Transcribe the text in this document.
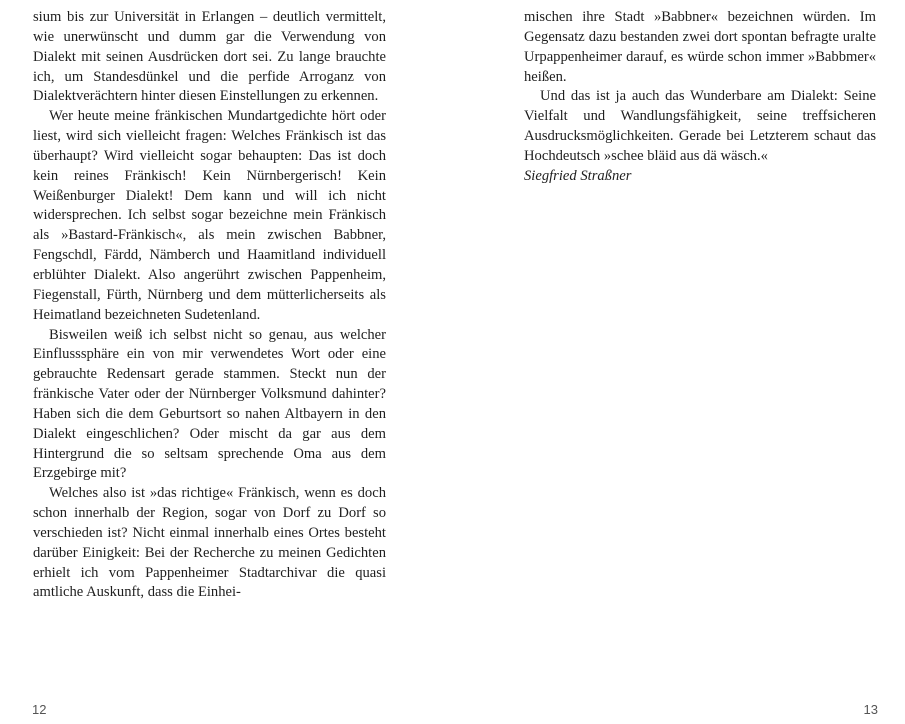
sium bis zur Universität in Erlangen – deutlich vermittelt, wie unerwünscht und dumm gar die Verwendung von Dialekt mit seinen Ausdrücken dort sei. Zu lange brauchte ich, um Standesdünkel und die perfide Arroganz von Dialektverächtern hinter diesen Einstellungen zu erkennen.

Wer heute meine fränkischen Mundartgedichte hört oder liest, wird sich vielleicht fragen: Welches Fränkisch ist das überhaupt? Wird vielleicht sogar behaupten: Das ist doch kein reines Fränkisch! Kein Nürnbergerisch! Kein Weißenburger Dialekt! Dem kann und will ich nicht widersprechen. Ich selbst sogar bezeichne mein Fränkisch als »Bastard-Fränkisch«, als mein zwischen Babbner, Fengschdl, Färdd, Nämberch und Haamitland individuell erblühter Dialekt. Also angerührt zwischen Pappenheim, Fiegenstall, Fürth, Nürnberg und dem mütterlicherseits als Heimatland bezeichneten Sudetenland.

Bisweilen weiß ich selbst nicht so genau, aus welcher Einflusssphäre ein von mir verwendetes Wort oder eine gebrauchte Redensart gerade stammen. Steckt nun der fränkische Vater oder der Nürnberger Volksmund dahinter? Haben sich die dem Geburtsort so nahen Altbayern in den Dialekt eingeschlichen? Oder mischt da gar aus dem Hintergrund die so seltsam sprechende Oma aus dem Erzgebirge mit?

Welches also ist »das richtige« Fränkisch, wenn es doch schon innerhalb der Region, sogar von Dorf zu Dorf so verschieden ist? Nicht einmal innerhalb eines Ortes besteht darüber Einigkeit: Bei der Recherche zu meinen Gedichten erhielt ich vom Pappenheimer Stadtarchivar die quasi amtliche Auskunft, dass die Einhei-

12

mischen ihre Stadt »Babbner« bezeichnen würden. Im Gegensatz dazu bestanden zwei dort spontan befragte uralte Urpappenheimer darauf, es würde schon immer »Babbmer« heißen.

Und das ist ja auch das Wunderbare am Dialekt: Seine Vielfalt und Wandlungsfähigkeit, seine treffsicheren Ausdrucksmöglichkeiten. Gerade bei Letzterem schaut das Hochdeutsch »schee bläid aus dä wäsch.«

Siegfried Straßner

13
